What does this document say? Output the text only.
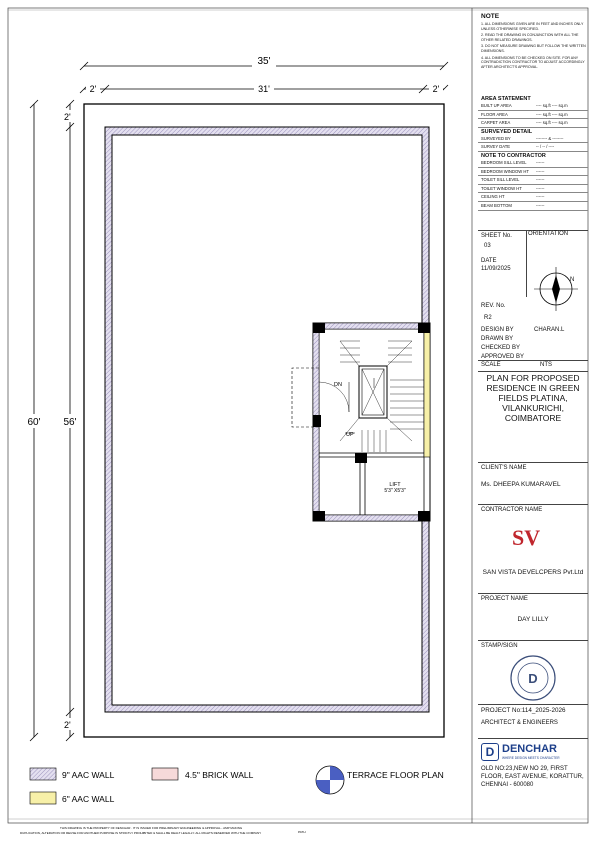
DN
UP
LIFT
5'3" X5'3"
35'
2'	31'	2'
60' 56'
2'
2'
9" AAC WALL
6" AAC WALL
4.5" BRICK WALL	TERRACE FLOOR PLAN
THIS DRAWING IS THE PROPERTY OF DENCHAR . IT IS ISSUED FOR PRELIMINARY ENGINEERING & APPROVAL - AMP MAKING
DUPLICATION, ALTERATION OR REUSE FOR ANOTHER PURPOSE IS STRICTLY PROHIBITED & SHALL BE DEALT LEGALLY. ALL RIGHTS RESERVED WITH THE COMPANY	PATH

NOTE

1. ALL DIMENSIONS GIVEN ARE IN FEET AND INCHES ONLY UNLESS OTHERWISE SPECIFIED.

2. READ THE DRAWING IN CONJUNCTION WITH ALL THE OTHER RELATED DRAWINGS.

3. DO NOT MEASURE DRAWING BUT FOLLOW THE WRITTEN DIMENSIONS.

4. ALL DIMENSIONS TO BE CHECKED ON SITE. FOR ANY CONTRADICTION CONTRACTOR TO ADJUST ACCORDINGLY AFTER ARCHITECT'S APPROVAL.

AREA STATEMENT

BUILT UP AREA	---- sq.ft ---- sq.m
FLOOR AREA	---- sq.ft ---- sq.m
CARPET AREA	---- sq.ft ---- sq.m

SURVEYED DETAIL

SURVEYED BY	-------- & --------
SURVEY DATE	-- / -- / ----

NOTE TO CONTRACTOR

BEDROOM SILL LEVEL	------
BEDROOM WINDOW HT	------
TOILET SILL LEVEL	------
TOILET WINDOW HT	------
CEILING HT	------
BEAM BOTTOM	------
SHEET No.
03
DATE
11/09/2025
ORIENTATION
N
REV. No.
R2
DESIGN BY	CHARAN.L
DRAWN BY
CHECKED BY
APPROVED BY
SCALE	NTS
PLAN FOR PROPOSED RESIDENCE IN GREEN FIELDS PLATINA, VILANKURICHI, COIMBATORE
CLIENT'S NAME
Ms. DHEEPA KUMARAVEL
CONTRACTOR NAME
SV
SAN VISTA DEVELCPERS Pvt.Ltd
PROJECT NAME
DAY LILLY
STAMP/SIGN
D
PROJECT No:114_2025-2026
ARCHITECT & ENGINEERS
D DENCHAR
WHERE DESIGN MEETS CHARACTER
OLD NO:23,NEW NO 29, FIRST FLOOR, EAST AVENUE, KORATTUR, CHENNAI - 600080
